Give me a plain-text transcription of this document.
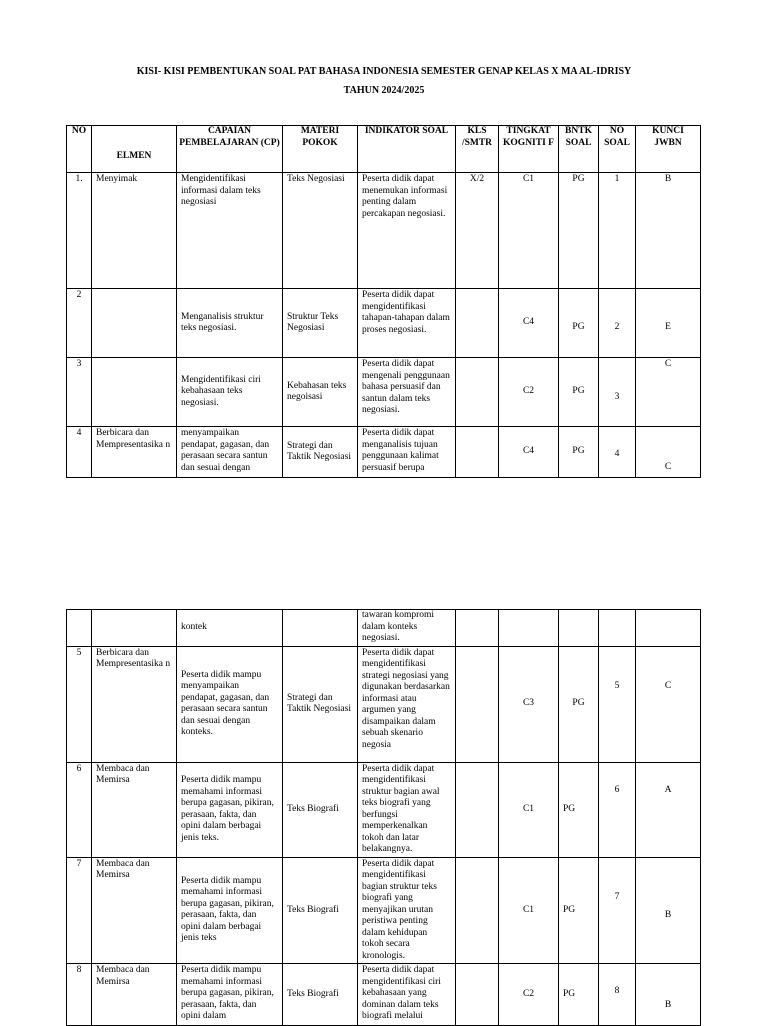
KISI- KISI PEMBENTUKAN SOAL PAT BAHASA INDONESIA SEMESTER GENAP KELAS X MA AL-IDRISY
TAHUN 2024/2025
NO	ELMEN	CAPAIAN PEMBELAJARAN (CP)	MATERI POKOK	INDIKATOR SOAL	KLS /SMTR	TINGKAT KOGNITI F	BNTK SOAL	NO SOAL	KUNCI JWBN
1.	Menyimak	Mengidentifikasi informasi dalam teks negosiasi	Teks Negosiasi	Peserta didik dapat menemukan informasi penting dalam percakapan negosiasi.	X/2	C1	PG	1	B
2		Menganalisis struktur teks negosiasi.	Struktur Teks Negosiasi	Peserta didik dapat mengidentifikasi tahapan-tahapan dalam proses negosiasi.		C4	PG	2	E
3		Mengidentifikasi ciri kebahasaan teks negosiasi.	Kebahasan teks negoisasi	Peserta didik dapat mengenali penggunaan bahasa persuasif dan santun dalam teks negosiasi.		C2	PG	3	C
4	Berbicara dan Mempresentasika n	menyampaikan pendapat, gagasan, dan perasaan secara santun dan sesuai dengan	Strategi dan Taktik Negosiasi	Peserta didik dapat menganalisis tujuan penggunaan kalimat persuasif berupa		C4	PG	4	C
		kontek		tawaran kompromi dalam konteks negosiasi.					
5	Berbicara dan Mempresentasika n	Peserta didik mampu menyampaikan pendapat, gagasan, dan perasaan secara santun dan sesuai dengan konteks.	Strategi dan Taktik Negosiasi	Peserta didik dapat mengidentifikasi strategi negosiasi yang digunakan berdasarkan informasi atau argumen yang disampaikan dalam sebuah skenario negosia		C3	PG	5	C
6	Membaca dan Memirsa	Peserta didik mampu memahami informasi berupa gagasan, pikiran, perasaan, fakta, dan opini dalam berbagai jenis teks.	Teks Biografi	Peserta didik dapat mengidentifikasi struktur bagian awal teks biografi yang berfungsi memperkenalkan tokoh dan latar belakangnya.		C1	PG	6	A
7	Membaca dan Memirsa	Peserta didik mampu memahami informasi berupa gagasan, pikiran, perasaan, fakta, dan opini dalam berbagai jenis teks	Teks Biografi	Peserta didik dapat mengidentifikasi bagian struktur teks biografi yang menyajikan urutan peristiwa penting dalam kehidupan tokoh secara kronologis.		C1	PG	7	B
8	Membaca dan Memirsa	Peserta didik mampu memahami informasi berupa gagasan, pikiran, perasaan, fakta, dan opini dalam	Teks Biografi	Peserta didik dapat mengidentifikasi ciri kebahasaan yang dominan dalam teks biografi melalui		C2	PG	8	B
